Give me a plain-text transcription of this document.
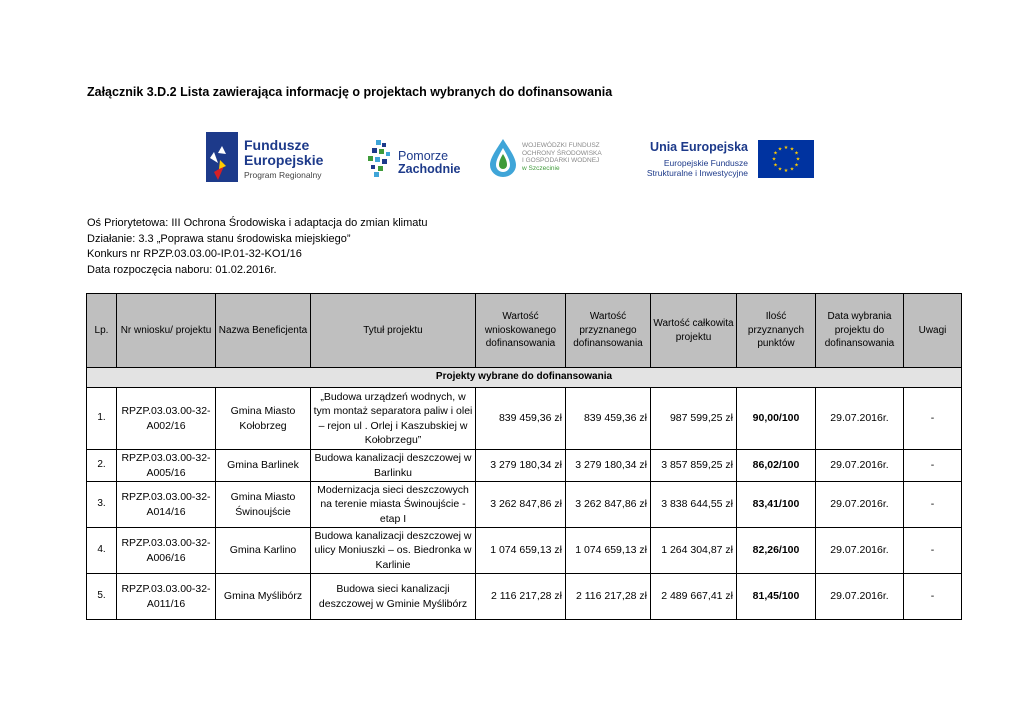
Załącznik 3.D.2 Lista zawierająca informację o projektach wybranych do dofinansowania
Fundusze
Europejskie
Program Regionalny
Pomorze
Zachodnie
WOJEWÓDZKI FUNDUSZ
OCHRONY ŚRODOWISKA
I GOSPODARKI WODNEJ
w Szczecinie
Unia Europejska
Europejskie Fundusze
Strukturalne i Inwestycyjne
★ ★
★
★
★
★
★
★
★
★
★
★
Oś Priorytetowa: III Ochrona Środowiska i adaptacja do zmian klimatu
Działanie: 3.3 „Poprawa stanu środowiska miejskiego”
Konkurs nr RPZP.03.03.00-IP.01-32-KO1/16
Data rozpoczęcia naboru: 01.02.2016r.
Lp.	Nr wniosku/ projektu	Nazwa Beneficjenta	Tytuł projektu	Wartość wnioskowanego dofinansowania	Wartość przyznanego dofinansowania	Wartość całkowita projektu	Ilość przyznanych punktów	Data wybrania projektu do dofinansowania	Uwagi
Projekty wybrane do dofinansowania									
1.	RPZP.03.03.00-32-A002/16	Gmina Miasto Kołobrzeg	„Budowa urządzeń wodnych, w tym montaż separatora paliw i olei – rejon ul . Orlej i Kaszubskiej w Kołobrzegu”	839 459,36 zł	839 459,36 zł	987 599,25 zł	90,00/100	29.07.2016r.	-
2.	RPZP.03.03.00-32-A005/16	Gmina Barlinek	Budowa kanalizacji deszczowej w Barlinku	3 279 180,34 zł	3 279 180,34 zł	3 857 859,25 zł	86,02/100	29.07.2016r.	-
3.	RPZP.03.03.00-32-A014/16	Gmina Miasto Świnoujście	Modernizacja sieci deszczowych na terenie miasta Świnoujście - etap I	3 262 847,86 zł	3 262 847,86 zł	3 838 644,55 zł	83,41/100	29.07.2016r.	-
4.	RPZP.03.03.00-32-A006/16	Gmina Karlino	Budowa kanalizacji deszczowej w ulicy Moniuszki – os. Biedronka w Karlinie	1 074 659,13 zł	1 074 659,13 zł	1 264 304,87 zł	82,26/100	29.07.2016r.	-
5.	RPZP.03.03.00-32-A011/16	Gmina Myślibórz	Budowa sieci kanalizacji deszczowej w Gminie Myślibórz	2 116 217,28 zł	2 116 217,28 zł	2 489 667,41 zł	81,45/100	29.07.2016r.	-
